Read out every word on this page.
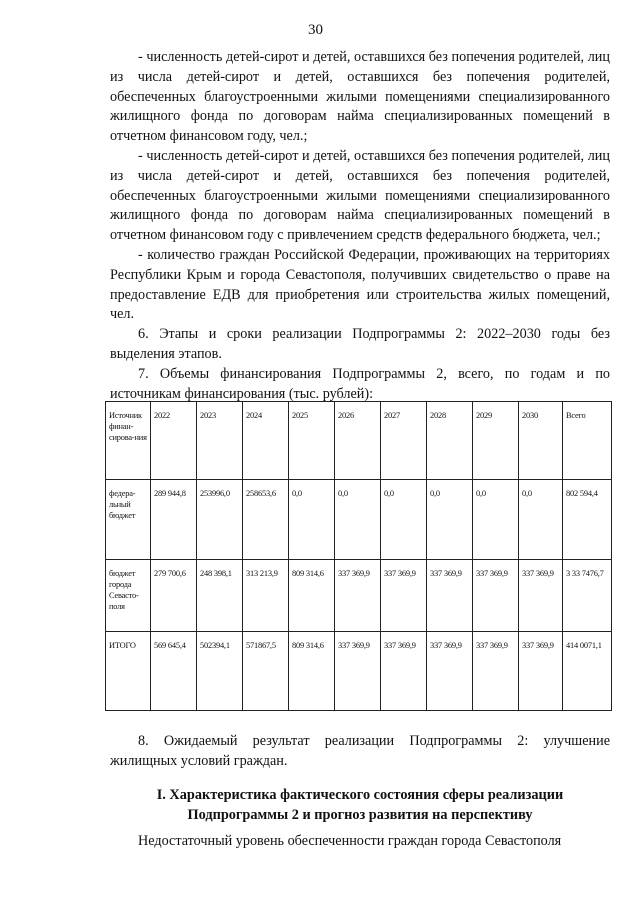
30

- численность детей-сирот и детей, оставшихся без попечения родителей, лиц из числа детей-сирот и детей, оставшихся без попечения родителей, обеспеченных благоустроенными жилыми помещениями специализированного жилищного фонда по договорам найма специализированных помещений в отчетном финансовом году, чел.;

- численность детей-сирот и детей, оставшихся без попечения родителей, лиц из числа детей-сирот и детей, оставшихся без попечения родителей, обеспеченных благоустроенными жилыми помещениями специализированного жилищного фонда по договорам найма специализированных помещений в отчетном финансовом году с привлечением средств федерального бюджета, чел.;

- количество граждан Российской Федерации, проживающих на территориях Республики Крым и города Севастополя, получивших свидетельство о праве на предоставление ЕДВ для приобретения или строительства жилых помещений, чел.

6. Этапы и сроки реализации Подпрограммы 2: 2022–2030 годы без выделения этапов.

7. Объемы финансирования Подпрограммы 2, всего, по годам и по источникам финансирования (тыс. рублей):

Источник финан-сирова-ния	2022	2023	2024	2025	2026	2027	2028	2029	2030	Всего
федера-льный бюджет	289 944,8	253996,0	258653,6	0,0	0,0	0,0	0,0	0,0	0,0	802 594,4
бюджет города Севасто-поля	279 700,6	248 398,1	313 213,9	809 314,6	337 369,9	337 369,9	337 369,9	337 369,9	337 369,9	3 33 7476,7
ИТОГО	569 645,4	502394,1	571867,5	809 314,6	337 369,9	337 369,9	337 369,9	337 369,9	337 369,9	414 0071,1

8. Ожидаемый результат реализации Подпрограммы 2: улучшение жилищных условий граждан.

I. Характеристика фактического состояния сферы реализации
Подпрограммы 2 и прогноз развития на перспективу

Недостаточный уровень обеспеченности граждан города Севастополя
